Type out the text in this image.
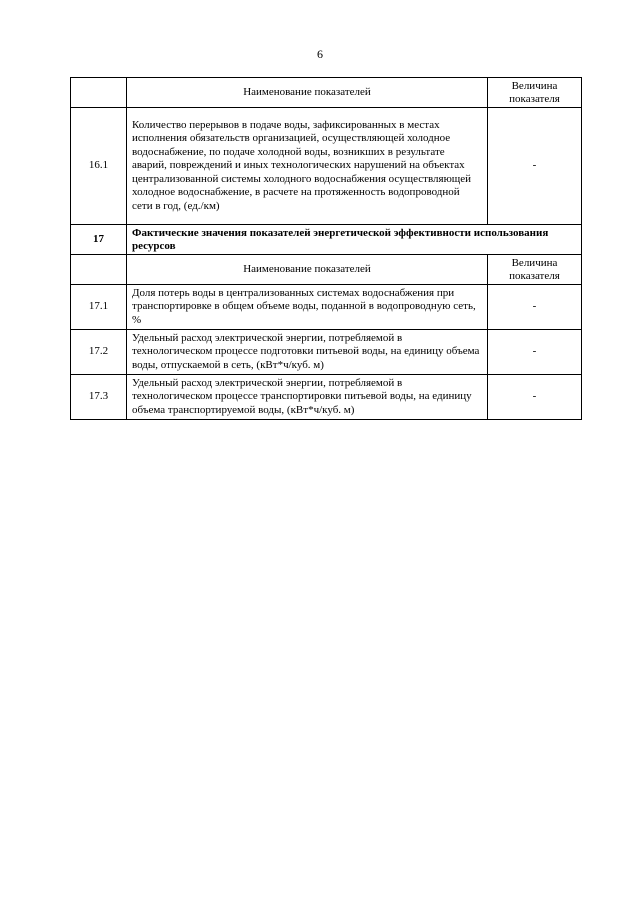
6
	Наименование показателей	Величина показателя
16.1	Количество перерывов в подаче воды, зафиксированных в местах исполнения обязательств организацией, осуществляющей холодное водоснабжение, по подаче холодной воды, возникших в результате аварий, повреждений и иных технологических нарушений на объектах централизованной системы холодного водоснабжения осуществляющей холодное водоснабжение, в расчете на протяженность водопроводной сети в год, (ед./км)	-
17	Фактические значения показателей энергетической эффективности использования ресурсов	
	Наименование показателей	Величина показателя
17.1	Доля потерь воды в централизованных системах водоснабжения при транспортировке в общем объеме воды, поданной в водопроводную сеть, %	-
17.2	Удельный расход электрической энергии, потребляемой в технологическом процессе подготовки питьевой воды, на единицу объема воды, отпускаемой в сеть, (кВт*ч/куб. м)	-
17.3	Удельный расход электрической энергии, потребляемой в технологическом процессе транспортировки питьевой воды, на единицу объема транспортируемой воды, (кВт*ч/куб. м)	-
